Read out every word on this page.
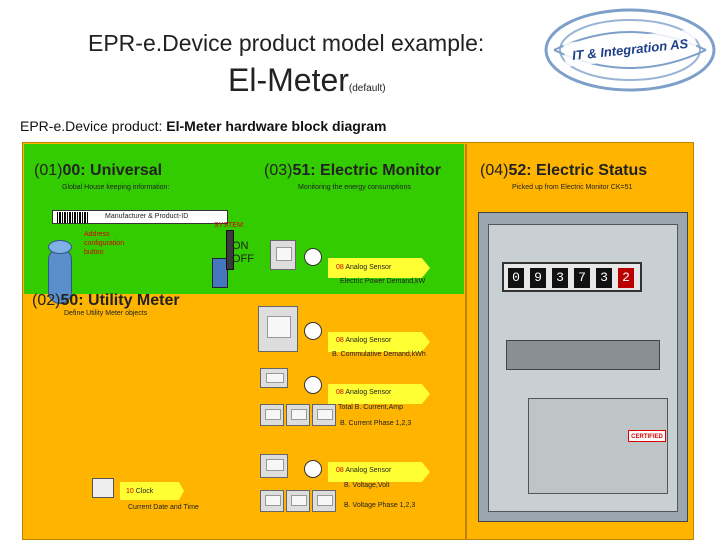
EPR-e.Device product model example:
El-Meter(default)
IT & Integration AS
EPR-e.Device product: El-Meter hardware block diagram
(01)00: Universal
Global House keeping information:
Manufacturer & Product-ID
Address configuration button
SYSTEM:
ON
OFF
(03)51: Electric Monitor
Monitoring the energy consumptions
08 Analog Sensor
Electric Power Demand,kW
(02)50: Utility Meter
Define Utility Meter objects
08 Analog Sensor
B. Commulative Demand,kWh
08 Analog Sensor
Total B. Current,Amp
B. Current Phase 1,2,3
08 Analog Sensor
B. Voltage,Volt
B. Voltage Phase 1,2,3
10 Clock
Current Date and Time
(04)52: Electric Status
Picked up from Electric Monitor CK=51
0	9	3	7	3	2
CERTIFIED
